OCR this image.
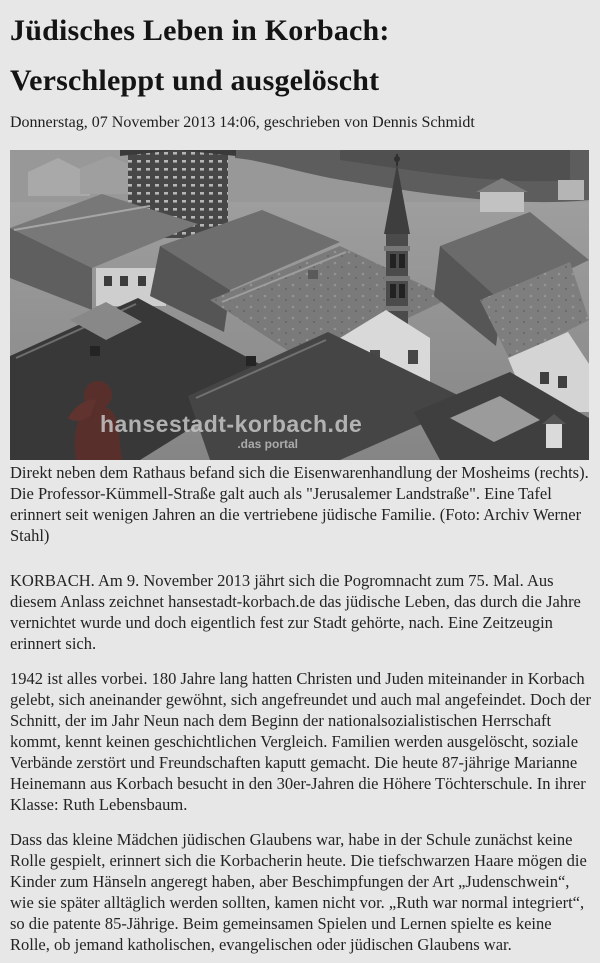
Jüdisches Leben in Korbach:
Verschleppt und ausgelöscht
Donnerstag, 07 November 2013 14:06, geschrieben von Dennis Schmidt
hansestadt-korbach.de
.das portal
Direkt neben dem Rathaus befand sich die Eisenwarenhandlung der Mosheims (rechts). Die Professor-Kümmell-Straße galt auch als "Jerusalemer Landstraße". Eine Tafel erinnert seit wenigen Jahren an die vertriebene jüdische Familie. (Foto: Archiv Werner Stahl)

KORBACH. Am 9. November 2013 jährt sich die Pogromnacht zum 75. Mal. Aus diesem Anlass zeichnet hansestadt-korbach.de das jüdische Leben, das durch die Jahre vernichtet wurde und doch eigentlich fest zur Stadt gehörte, nach. Eine Zeitzeugin erinnert sich.

1942 ist alles vorbei. 180 Jahre lang hatten Christen und Juden miteinander in Korbach gelebt, sich aneinander gewöhnt, sich angefreundet und auch mal angefeindet. Doch der Schnitt, der im Jahr Neun nach dem Beginn der nationalsozialistischen Herrschaft kommt, kennt keinen geschichtlichen Vergleich. Familien werden ausgelöscht, soziale Verbände zerstört und Freundschaften kaputt gemacht. Die heute 87-jährige Marianne Heinemann aus Korbach besucht in den 30er-Jahren die Höhere Töchterschule. In ihrer Klasse: Ruth Lebensbaum.

Dass das kleine Mädchen jüdischen Glaubens war, habe in der Schule zunächst keine Rolle gespielt, erinnert sich die Korbacherin heute. Die tiefschwarzen Haare mögen die Kinder zum Hänseln angeregt haben, aber Beschimpfungen der Art „Judenschwein“, wie sie später alltäglich werden sollten, kamen nicht vor. „Ruth war normal integriert“, so die patente 85-Jährige. Beim gemeinsamen Spielen und Lernen spielte es keine Rolle, ob jemand katholischen, evangelischen oder jüdischen Glaubens war.
